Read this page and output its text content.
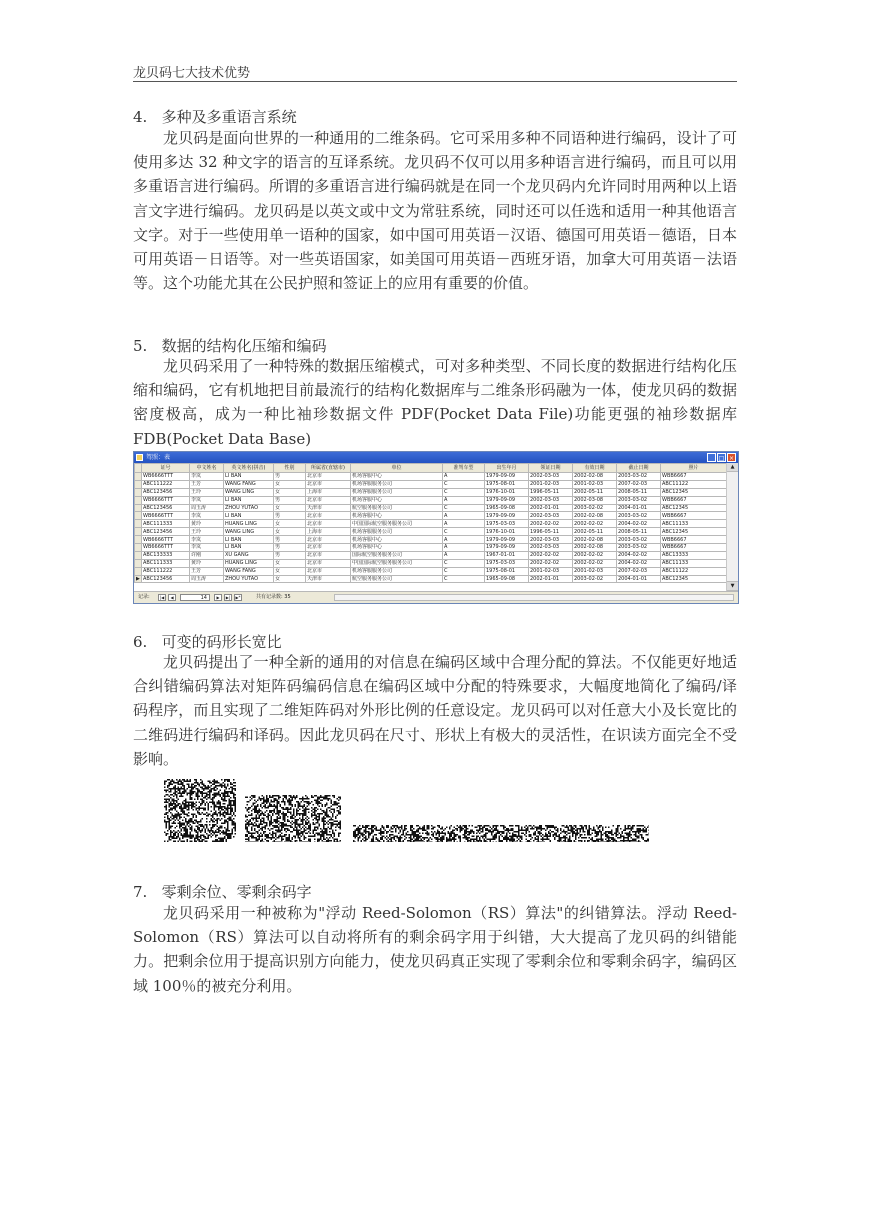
龙贝码七大技术优势
4.   多种及多重语言系统

龙贝码是面向世界的一种通用的二维条码。它可采用多种不同语种进行编码，设计了可使用多达 32 种文字的语言的互译系统。龙贝码不仅可以用多种语言进行编码，而且可以用多重语言进行编码。所谓的多重语言进行编码就是在同一个龙贝码内允许同时用两种以上语言文字进行编码。龙贝码是以英文或中文为常驻系统，同时还可以任选和适用一种其他语言文字。对于一些使用单一语种的国家，如中国可用英语－汉语、德国可用英语－德语，日本可用英语－日语等。对一些英语国家，如美国可用英语－西班牙语，加拿大可用英语－法语等。这个功能尤其在公民护照和签证上的应用有重要的价值。

5.   数据的结构化压缩和编码

龙贝码采用了一种特殊的数据压缩模式，可对多种类型、不同长度的数据进行结构化压缩和编码，它有机地把目前最流行的结构化数据库与二维条形码融为一体，使龙贝码的数据密度极高，成为一种比袖珍数据文件 PDF(Pocket Data File)功能更强的袖珍数据库 FDB(Pocket Data Base)

驾照：表	_ □ ×
	证号	中文姓名	英文姓名(拼音)	性别	所属省(直辖市)	单位	准驾车型	出生年月	领证日期	有效日期	截止日期	照片
	WB6666TTT	李岚	LI BAN	男	北京市	机场客服中心	A	1979-09-09	2002-03-03	2002-02-08	2003-03-02	WBB6667
	ABC111222	王芳	WANG FANG	女	北京市	机场客服服务公司	C	1975-08-01	2001-02-03	2001-02-03	2007-02-03	ABC11122
	ABC123456	王玲	WANG LING	女	上海市	机场客服服务公司	C	1976-10-01	1996-05-11	2002-05-11	2008-05-11	ABC12345
	WB6666TTT	李岚	LI BAN	男	北京市	机场客服中心	A	1979-09-09	2002-03-03	2002-03-08	2003-03-02	WBB6667
	ABC123456	周玉涛	ZHOU YUTAO	女	天津市	航空服务服务公司	C	1965-09-08	2002-01-01	2003-02-02	2004-01-01	ABC12345
	WB6666TTT	李岚	LI BAN	男	北京市	机场客服中心	A	1979-09-09	2002-03-03	2002-02-08	2003-03-02	WBB6667
	ABC111333	黄玲	HUANG LING	女	北京市	中国国际航空服务服务公司	A	1975-03-03	2002-02-02	2002-02-02	2004-02-02	ABC11133
	ABC123456	王玲	WANG LING	女	上海市	机场客服服务公司	C	1976-10-01	1996-05-11	2002-05-11	2008-05-11	ABC12345
	WB6666TTT	李岚	LI BAN	男	北京市	机场客服中心	A	1979-09-09	2002-03-03	2002-02-08	2003-03-02	WBB6667
	WB6666TTT	李岚	LI BAN	男	北京市	机场客服中心	A	1979-09-09	2002-03-03	2002-02-08	2003-03-02	WBB6667
	ABC133333	许刚	XU GANG	男	北京市	国际航空服务服务公司	A	1967-01-01	2002-02-02	2002-02-02	2004-02-02	ABC13333
	ABC111333	黄玲	HUANG LING	女	北京市	中国国际航空服务服务公司	C	1975-03-03	2002-02-02	2002-02-02	2004-02-02	ABC11133
	ABC111222	王芳	WANG FANG	女	北京市	机场客服服务公司	C	1975-08-01	2001-02-03	2001-02-03	2007-02-03	ABC11122
▶	ABC123456	周玉涛	ZHOU YUTAO	女	天津市	航空服务服务公司	C	1965-09-08	2002-01-01	2003-02-02	2004-01-01	ABC12345
▲
▼
记录:	|◀	◀	14	▶	▶|	▶*	共有记录数: 35
6.   可变的码形长宽比

龙贝码提出了一种全新的通用的对信息在编码区域中合理分配的算法。不仅能更好地适合纠错编码算法对矩阵码编码信息在编码区域中分配的特殊要求，大幅度地简化了编码/译码程序，而且实现了二维矩阵码对外形比例的任意设定。龙贝码可以对任意大小及长宽比的二维码进行编码和译码。因此龙贝码在尺寸、形状上有极大的灵活性，在识读方面完全不受影响。

7.   零剩余位、零剩余码字

龙贝码采用一种被称为"浮动 Reed-Solomon（RS）算法"的纠错算法。浮动 Reed-Solomon（RS）算法可以自动将所有的剩余码字用于纠错，大大提高了龙贝码的纠错能力。把剩余位用于提高识别方向能力，使龙贝码真正实现了零剩余位和零剩余码字，编码区域 100％的被充分利用。
